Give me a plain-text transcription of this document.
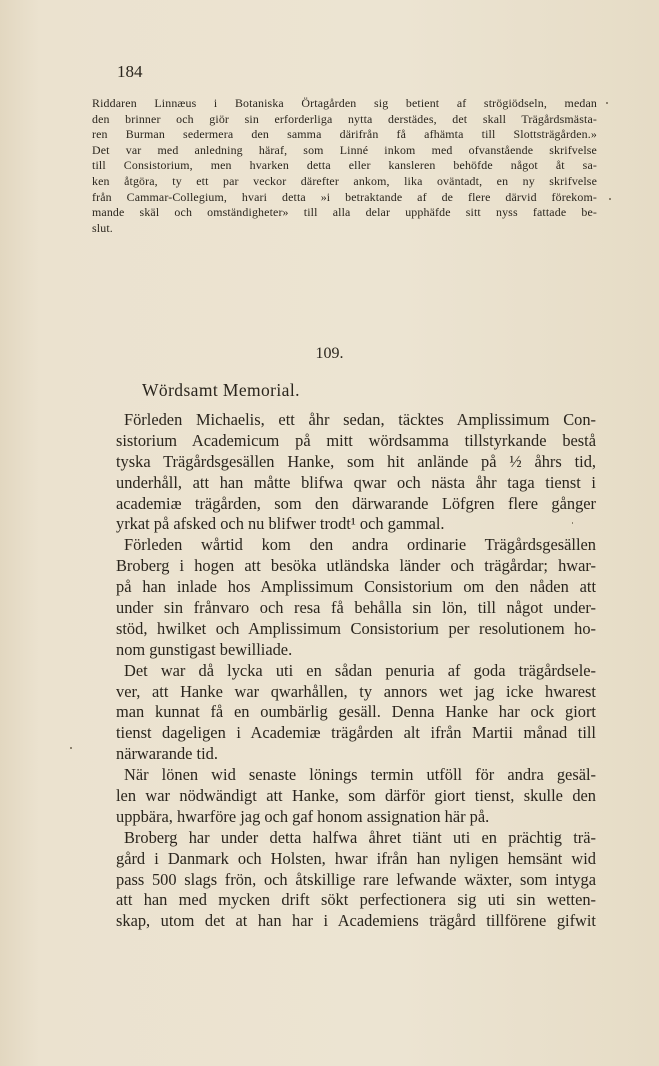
184
Riddaren Linnæus i Botaniska Örtagården sig betient af strögiödseln, medan
den brinner och giör sin erforderliga nytta derstädes, det skall Trägårdsmästa-
ren Burman sedermera den samma därifrån få afhämta till Slottsträgården.»
Det var med anledning häraf, som Linné inkom med ofvanstående skrifvelse
till Consistorium, men hvarken detta eller kansleren behöfde något åt sa-
ken åtgöra, ty ett par veckor därefter ankom, lika oväntadt, en ny skrifvelse
från Cammar-Collegium, hvari detta »i betraktande af de flere därvid förekom-
mande skäl och omständigheter» till alla delar upphäfde sitt nyss fattade be-
slut.
109.
Wördsamt Memorial.
Förleden Michaelis, ett åhr sedan, täcktes Amplissimum Con-
sistorium Academicum på mitt wördsamma tillstyrkande bestå
tyska Trägårdsgesällen Hanke, som hit anlände på ½ åhrs tid,
underhåll, att han måtte blifwa qwar och nästa åhr taga tienst i
academiæ trägården, som den därwarande Löfgren flere gånger
yrkat på afsked och nu blifwer trodt¹ och gammal.
Förleden wårtid kom den andra ordinarie Trägårdsgesällen
Broberg i hogen att besöka utländska länder och trägårdar; hwar-
på han inlade hos Amplissimum Consistorium om den nåden att
under sin frånvaro och resa få behålla sin lön, till något under-
stöd, hwilket och Amplissimum Consistorium per resolutionem ho-
nom gunstigast bewilliade.
Det war då lycka uti en sådan penuria af goda trägårdsele-
ver, att Hanke war qwarhållen, ty annors wet jag icke hwarest
man kunnat få en oumbärlig gesäll. Denna Hanke har ock giort
tienst dageligen i Academiæ trägården alt ifrån Martii månad till
närwarande tid.
När lönen wid senaste lönings termin utföll för andra gesäl-
len war nödwändigt att Hanke, som därför giort tienst, skulle den
uppbära, hwarföre jag och gaf honom assignation här på.
Broberg har under detta halfwa åhret tiänt uti en prächtig trä-
gård i Danmark och Holsten, hwar ifrån han nyligen hemsänt wid
pass 500 slags frön, och åtskillige rare lefwande wäxter, som intyga
att han med mycken drift sökt perfectionera sig uti sin wetten-
skap, utom det at han har i Academiens trägård tillförene gifwit
